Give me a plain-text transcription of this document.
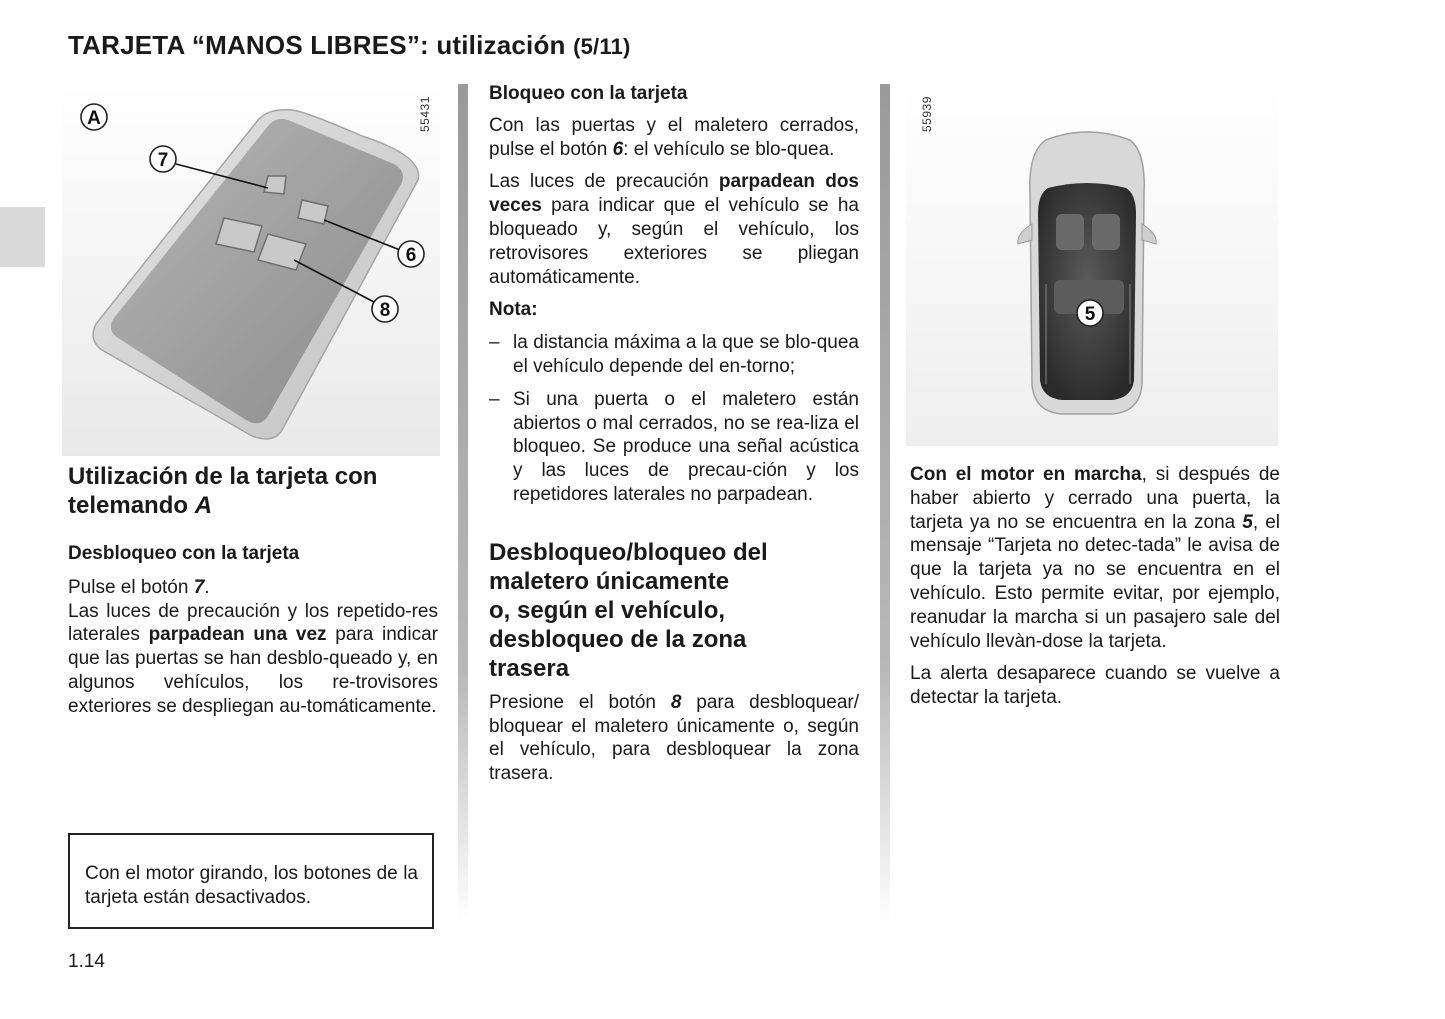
TARJETA “MANOS LIBRES”: utilización (5/11)
A
7
6
8
55431
Utilización de la tarjeta con
telemando A
Desbloqueo con la tarjeta

Pulse el botón 7.

Las luces de precaución y los repetido-res laterales parpadean una vez para indicar que las puertas se han desblo-queado y, en algunos vehículos, los re-trovisores exteriores se despliegan au-tomáticamente.

Con el motor girando, los botones de la tarjeta están desactivados.
1.14
Bloqueo con la tarjeta

Con las puertas y el maletero cerrados, pulse el botón 6: el vehículo se blo-quea.

Las luces de precaución parpadean dos veces para indicar que el vehículo se ha bloqueado y, según el vehículo, los retrovisores exteriores se pliegan automáticamente.

Nota:
– la distancia máxima a la que se blo-quea el vehículo depende del en-torno;
– Si una puerta o el maletero están abiertos o mal cerrados, no se rea-liza el bloqueo. Se produce una señal acústica y las luces de precau-ción y los repetidores laterales no parpadean.
Desbloqueo/bloqueo del
maletero únicamente
o, según el vehículo,
desbloqueo de la zona
trasera

Presione el botón 8 para desbloquear/ bloquear el maletero únicamente o, según el vehículo, para desbloquear la zona trasera.

5
55939

Con el motor en marcha, si después de haber abierto y cerrado una puerta, la tarjeta ya no se encuentra en la zona 5, el mensaje “Tarjeta no detec-tada” le avisa de que la tarjeta ya no se encuentra en el vehículo. Esto permite evitar, por ejemplo, reanudar la marcha si un pasajero sale del vehículo llevàn-dose la tarjeta.

La alerta desaparece cuando se vuelve a detectar la tarjeta.
